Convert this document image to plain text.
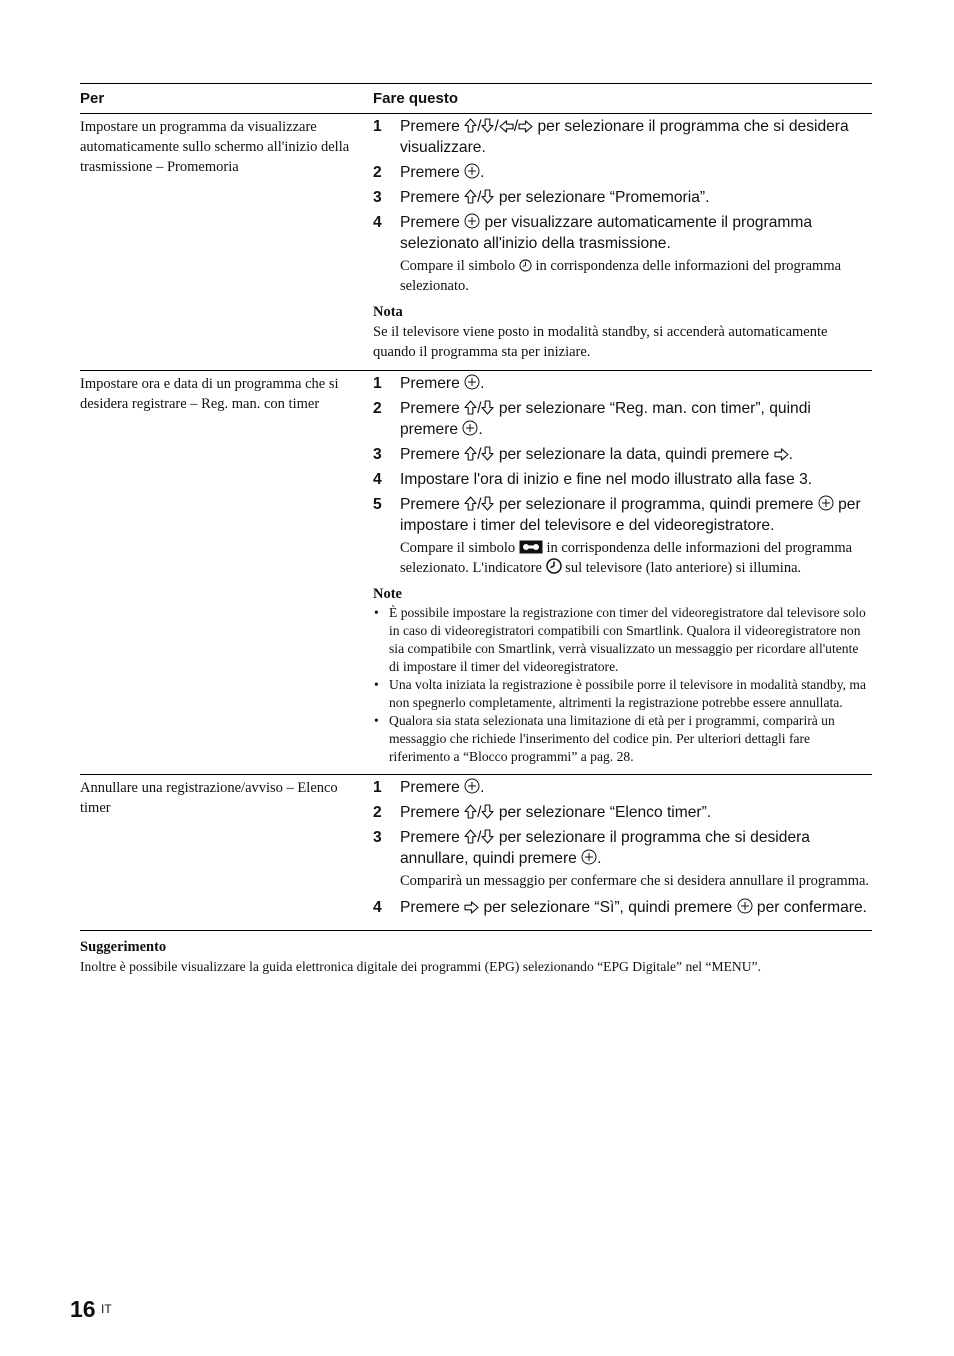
Per	Fare questo
Impostare un programma da visualizzare automaticamente sullo schermo all'inizio della trasmissione – Promemoria
1	Premere / / / per selezionare il programma che si desidera visualizzare.
2	Premere .
3	Premere / per selezionare “Promemoria”.
4	Premere  per visualizzare automaticamente il programma selezionato all'inizio della trasmissione.
Compare il simbolo  in corrispondenza delle informazioni del programma selezionato.
Nota
Se il televisore viene posto in modalità standby, si accenderà automaticamente quando il programma sta per iniziare.
Impostare ora e data di un programma che si desidera registrare – Reg. man. con timer
1	Premere .
2	Premere / per selezionare “Reg. man. con timer”, quindi premere .
3	Premere / per selezionare la data, quindi premere .
4	Impostare l'ora di inizio e fine nel modo illustrato alla fase 3.
5	Premere / per selezionare il programma, quindi premere  per impostare i timer del televisore e del videoregistratore.
Compare il simbolo  in corrispondenza delle informazioni del programma selezionato. L'indicatore  sul televisore (lato anteriore) si illumina.
Note
• È possibile impostare la registrazione con timer del videoregistratore dal televisore solo in caso di videoregistratori compatibili con Smartlink. Qualora il videoregistratore non sia compatibile con Smartlink, verrà visualizzato un messaggio per ricordare all'utente di impostare il timer del videoregistratore.
• Una volta iniziata la registrazione è possibile porre il televisore in modalità standby, ma non spegnerlo completamente, altrimenti la registrazione potrebbe essere annullata.
• Qualora sia stata selezionata una limitazione di età per i programmi, comparirà un messaggio che richiede l'inserimento del codice pin. Per ulteriori dettagli fare riferimento a “Blocco programmi” a pag. 28.
Annullare una registrazione/avviso – Elenco timer
1	Premere .
2	Premere / per selezionare “Elenco timer”.
3	Premere / per selezionare il programma che si desidera annullare, quindi premere .
Comparirà un messaggio per confermare che si desidera annullare il programma.
4	Premere  per selezionare “Sì”, quindi premere  per confermare.
Suggerimento
Inoltre è possibile visualizzare la guida elettronica digitale dei programmi (EPG) selezionando “EPG Digitale” nel “MENU”.
16 IT
